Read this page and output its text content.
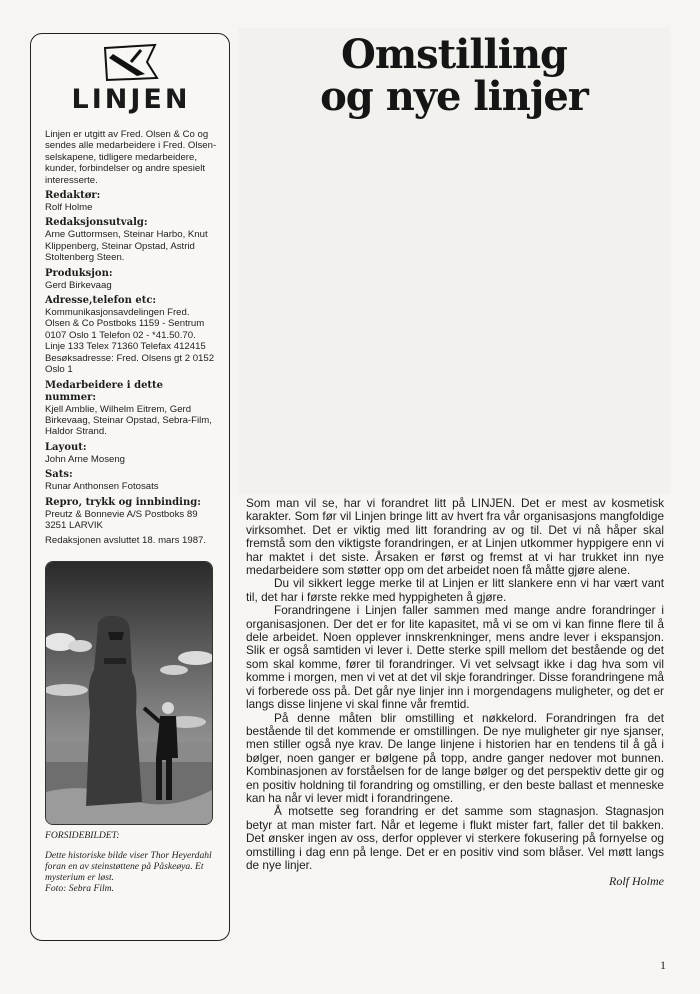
LINJEN

Linjen er utgitt av Fred. Olsen & Co og sendes alle medarbeidere i Fred. Olsen-selskapene, tidligere medarbeidere, kunder, forbindelser og andre spesielt interesserte.

Redaktør:

Rolf Holme

Redaksjonsutvalg:

Arne Guttormsen, Steinar Harbo, Knut Klippenberg, Steinar Opstad, Astrid Stoltenberg Steen.

Produksjon:

Gerd Birkevaag

Adresse,telefon etc:

Kommunikasjonsavdelingen Fred. Olsen & Co Postboks 1159 - Sentrum 0107 Oslo 1 Telefon 02 - *41.50.70. Linje 133 Telex 71360 Telefax 412415 Besøksadresse: Fred. Olsens gt 2 0152 Oslo 1

Medarbeidere i dette nummer:

Kjell Amblie, Wilhelm Eitrem, Gerd Birkevaag, Steinar Opstad, Sebra-Film, Haldor Strand.

Layout:

John Arne Moseng

Sats:

Runar Anthonsen Fotosats

Repro, trykk og innbinding:

Preutz & Bonnevie A/S Postboks 89 3251 LARVIK

Redaksjonen avsluttet 18. mars 1987.

FORSIDEBILDET:

Dette historiske bilde viser Thor Heyerdahl foran en av steinstøttene på Påskeøya. Et mysterium er løst.

Foto: Sebra Film.

Omstilling
og nye linjer

Som man vil se, har vi forandret litt på LINJEN. Det er mest av kosmetisk karakter. Som før vil Linjen bringe litt av hvert fra vår organisasjons mangfoldige virksomhet. Det er viktig med litt forandring av og til. Det vi nå håper skal fremstå som den viktigste forandringen, er at Linjen utkommer hyppigere enn vi har maktet i det siste. Årsaken er først og fremst at vi har trukket inn nye medarbeidere som støtter opp om det arbeidet noen få måtte gjøre alene.

Du vil sikkert legge merke til at Linjen er litt slankere enn vi har vært vant til, det har i første rekke med hyppigheten å gjøre.

Forandringene i Linjen faller sammen med mange andre forandringer i organisasjonen. Der det er for lite kapasitet, må vi se om vi kan finne flere til å dele arbeidet. Noen opplever innskrenkninger, mens andre lever i ekspansjon. Slik er også samtiden vi lever i. Dette sterke spill mellom det bestående og det som skal komme, fører til forandringer. Vi vet selvsagt ikke i dag hva som vil komme i morgen, men vi vet at det vil skje forandringer. Disse forandringene må vi forberede oss på. Det går nye linjer inn i morgendagens muligheter, og det er langs disse linjene vi skal finne vår fremtid.

På denne måten blir omstilling et nøkkelord. Forandringen fra det bestående til det kommende er omstillingen. De nye muligheter gir nye sjanser, men stiller også nye krav. De lange linjene i historien har en tendens til å gå i bølger, noen ganger er bølgene på topp, andre ganger nedover mot bunnen. Kombinasjonen av forståelsen for de lange bølger og det perspektiv dette gir og en positiv holdning til forandring og omstilling, er den beste ballast et menneske kan ha når vi lever midt i forandringene.

Å motsette seg forandring er det samme som stagnasjon. Stagnasjon betyr at man mister fart. Når et legeme i flukt mister fart, faller det til bakken. Det ønsker ingen av oss, derfor opplever vi sterkere fokusering på fornyelse og omstilling i dag enn på lenge. Det er en positiv vind som blåser. Vel møtt langs de nye linjer.

Rolf Holme
1
